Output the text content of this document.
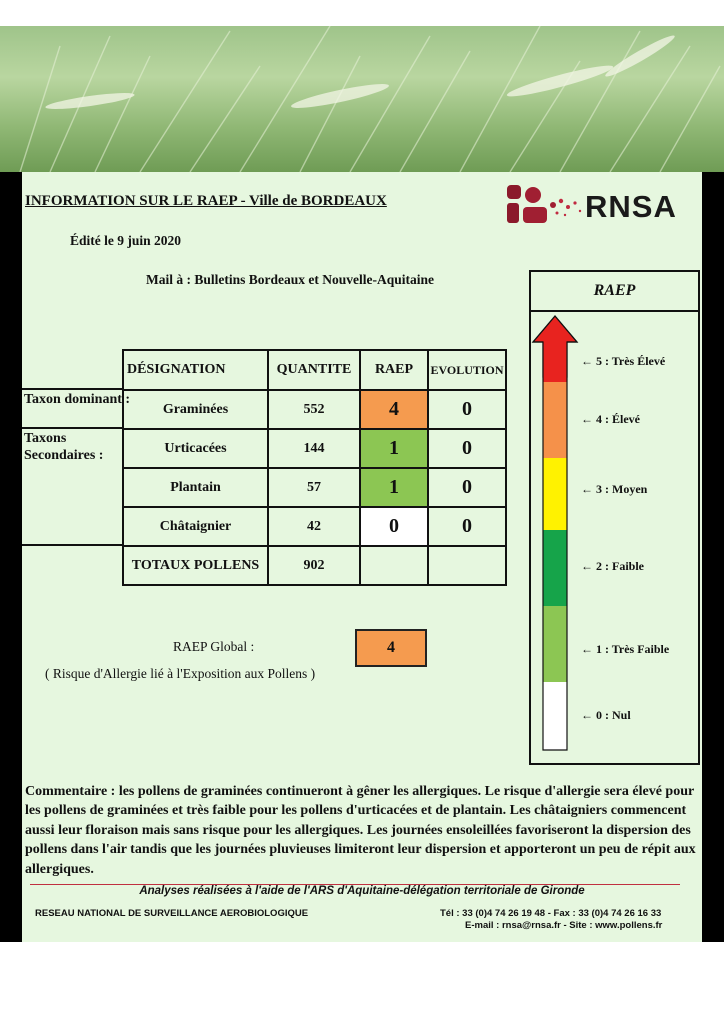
INFORMATION SUR LE RAEP - Ville de BORDEAUX
Édité le 9 juin 2020
Mail à : Bulletins Bordeaux et Nouvelle-Aquitaine
RNSA
Taxon dominant :
Taxons Secondaires :
DÉSIGNATION	QUANTITE	RAEP	EVOLUTION
Graminées	552	4	0
Urticacées	144	1	0
Plantain	57	1	0
Châtaignier	42	0	0
TOTAUX POLLENS	902		
RAEP Global :	4
( Risque d'Allergie lié à l'Exposition aux Pollens )
RAEP
← 5 : Très Élevé
← 4 : Élevé
← 3 : Moyen
← 2 : Faible
← 1 : Très Faible
← 0 : Nul
Commentaire : les pollens de graminées continueront à gêner les allergiques. Le risque d'allergie sera élevé pour les pollens de graminées et très faible pour les pollens d'urticacées et de plantain. Les châtaigniers commencent aussi leur floraison mais sans risque pour les allergiques. Les journées ensoleillées favoriseront la dispersion des pollens dans l'air tandis que les journées pluvieuses limiteront leur dispersion et apporteront un peu de répit aux allergiques.
Analyses réalisées à l'aide de l'ARS d'Aquitaine-délégation territoriale de Gironde
RESEAU NATIONAL DE SURVEILLANCE AEROBIOLOGIQUE	Tél : 33 (0)4 74 26 19 48 - Fax : 33 (0)4 74 26 16 33
E-mail : rnsa@rnsa.fr - Site : www.pollens.fr
